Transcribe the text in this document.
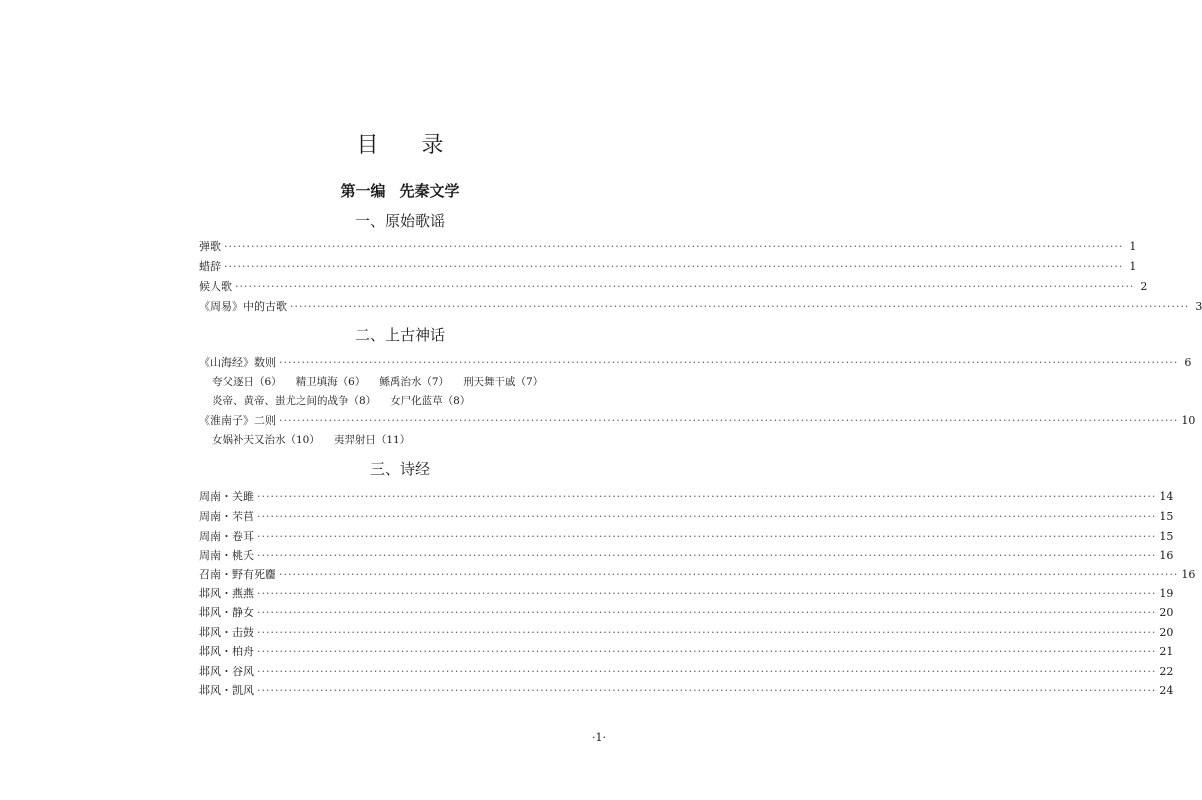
目 录
第一编 先秦文学
一、原始歌谣
弹歌 ········································································································································································································ 1
蜡辞 ········································································································································································································ 1
候人歌 ········································································································································································································ 2
《周易》中的古歌 ········································································································································································································ 3
二、上古神话
《山海经》数则 ········································································································································································································ 6
夸父逐日（6） 精卫填海（6） 鲧禹治水（7） 刑天舞干戚（7）
炎帝、黄帝、蚩尤之间的战争（8） 女尸化蓝草（8）
《淮南子》二则 ········································································································································································································ 10
女娲补天又治水（10） 夷羿射日（11）
三、诗经
周南・关雎 ········································································································································································································ 14
周南・芣苢 ········································································································································································································ 15
周南・卷耳 ········································································································································································································ 15
周南・桃夭 ········································································································································································································ 16
召南・野有死麕 ········································································································································································································ 16
邶风・燕燕 ········································································································································································································ 19
邶风・静女 ········································································································································································································ 20
邶风・击鼓 ········································································································································································································ 20
邶风・柏舟 ········································································································································································································ 21
邶风・谷风 ········································································································································································································ 22
邶风・凯风 ········································································································································································································ 24
·1·
